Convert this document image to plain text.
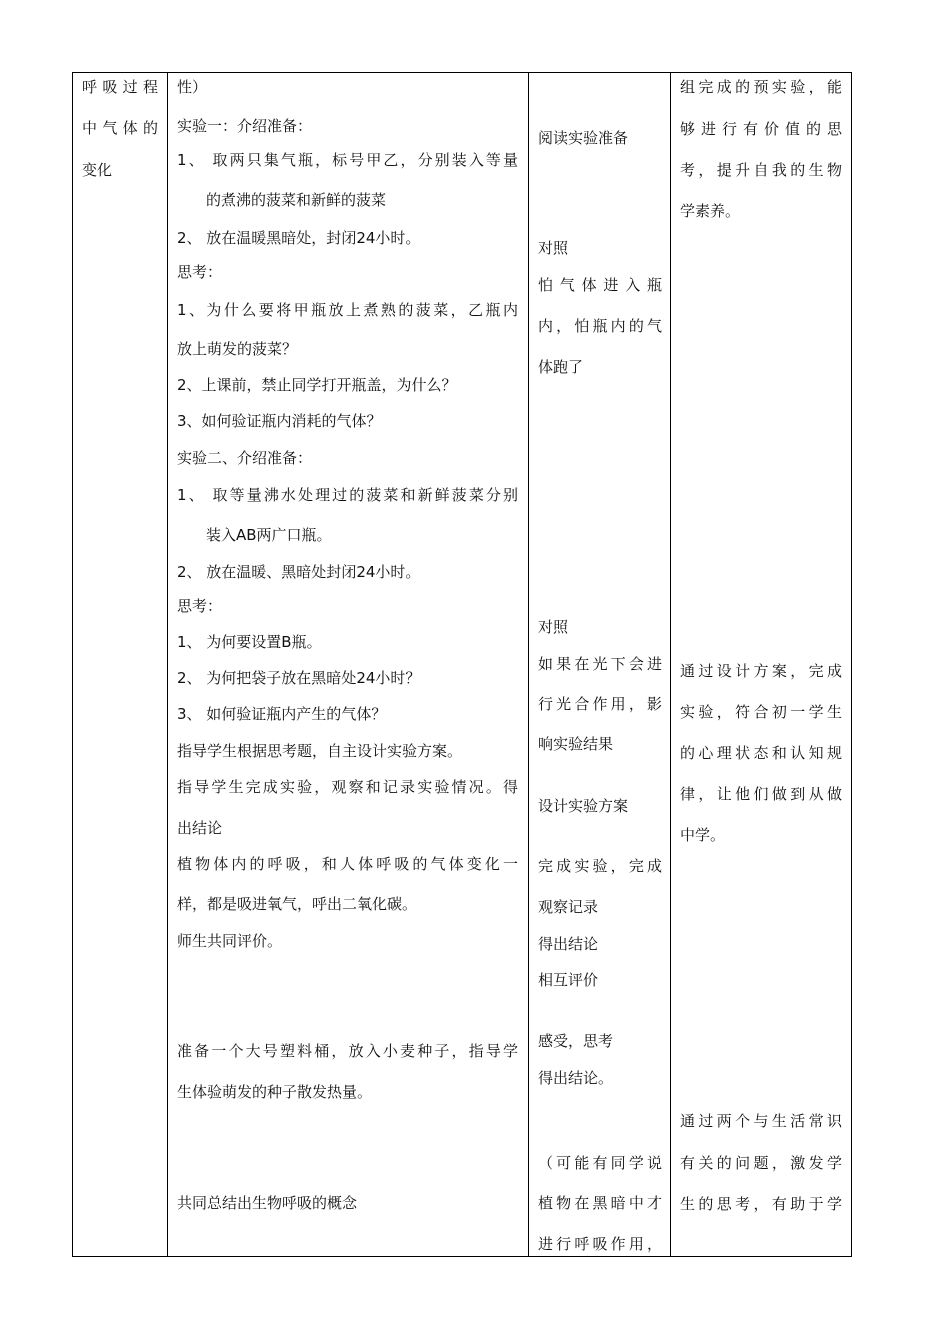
呼吸过程
中气体的
变化
性）
实验一：介绍准备：
1、 取两只集气瓶，标号甲乙，分别装入等量
的煮沸的菠菜和新鲜的菠菜
2、 放在温暖黑暗处，封闭24小时。
思考：
1、为什么要将甲瓶放上煮熟的菠菜，乙瓶内
放上萌发的菠菜？
2、上课前，禁止同学打开瓶盖，为什么？
3、如何验证瓶内消耗的气体？
实验二、介绍准备：
1、 取等量沸水处理过的菠菜和新鲜菠菜分别
装入AB两广口瓶。
2、 放在温暖、黑暗处封闭24小时。
思考：
1、 为何要设置B瓶。
2、 为何把袋子放在黑暗处24小时？
3、 如何验证瓶内产生的气体？
指导学生根据思考题，自主设计实验方案。
指导学生完成实验，观察和记录实验情况。得
出结论
植物体内的呼吸，和人体呼吸的气体变化一
样，都是吸进氧气，呼出二氧化碳。
师生共同评价。
准备一个大号塑料桶，放入小麦种子，指导学
生体验萌发的种子散发热量。
共同总结出生物呼吸的概念
阅读实验准备
对照
怕气体进入瓶
内，怕瓶内的气
体跑了
对照
如果在光下会进
行光合作用，影
响实验结果
设计实验方案
完成实验，完成
观察记录
得出结论
相互评价
感受，思考
得出结论。
（可能有同学说
植物在黑暗中才
进行呼吸作用，
组完成的预实验，能
够进行有价值的思
考，提升自我的生物
学素养。
通过设计方案，完成
实验，符合初一学生
的心理状态和认知规
律，让他们做到从做
中学。
通过两个与生活常识
有关的问题，激发学
生的思考，有助于学
